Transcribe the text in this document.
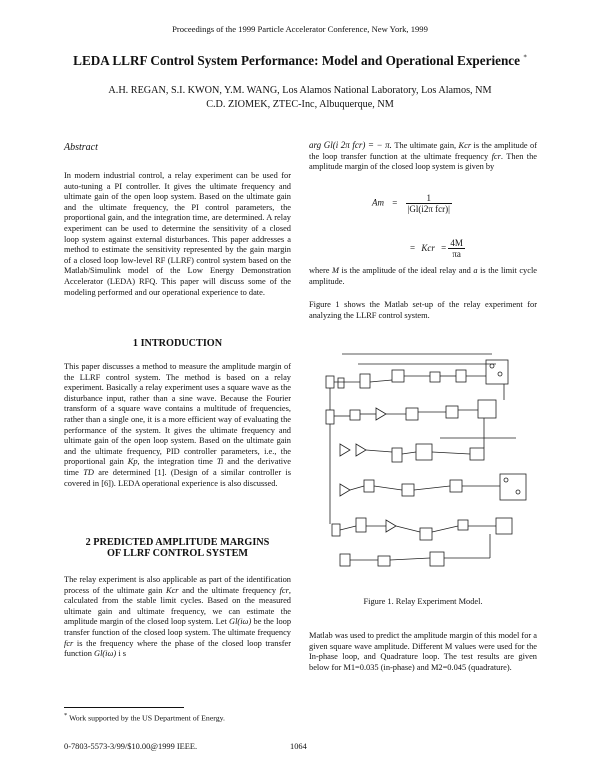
Proceedings of the 1999 Particle Accelerator Conference, New York, 1999
LEDA LLRF Control System Performance: Model and Operational Experience *
A.H. REGAN, S.I. KWON, Y.M. WANG, Los Alamos National Laboratory, Los Alamos, NM
C.D. ZIOMEK, ZTEC-Inc, Albuquerque, NM
Abstract
In modern industrial control, a relay experiment can be used for auto-tuning a PI controller. It gives the ultimate frequency and ultimate gain of the open loop system. Based on the ultimate gain and the ultimate frequency, the PI control parameters, the proportional gain, and the integration time, are determined. A relay experiment can be used to determine the sensitivity of a closed loop system against external disturbances. This paper addresses a method to estimate the sensitivity represented by the gain margin of a closed loop low-level RF (LLRF) control system based on the Matlab/Simulink model of the Low Energy Demonstration Accelerator (LEDA) RFQ. This paper will discuss some of the modeling performed and our operational experience to date.
1 INTRODUCTION
This paper discusses a method to measure the amplitude margin of the LLRF control system. The method is based on a relay experiment. Basically a relay experiment uses a square wave as the disturbance input, rather than a sine wave. Because the Fourier transform of a square wave contains a multitude of frequencies, rather than a single one, it is a more efficient way of evaluating the performance of the system. It gives the ultimate frequency and ultimate gain of the open loop system. Based on the ultimate gain and the ultimate frequency, PID controller parameters, i.e., the proportional gain Kp, the integration time Ti and the derivative time TD are determined [1]. (Design of a similar controller is covered in [6]). LEDA operational experience is also discussed.
2 PREDICTED AMPLITUDE MARGINS
OF LLRF CONTROL SYSTEM
The relay experiment is also applicable as part of the identification process of the ultimate gain Kcr and the ultimate frequency fcr, calculated from the stable limit cycles. Based on the measured ultimate gain and ultimate frequency, we can estimate the amplitude margin of the closed loop system. Let Gl(iω) be the loop transfer function of the closed loop system. The ultimate frequency fcr is the frequency where the phase of the closed loop transfer function Gl(iω) i s
* Work supported by the US Department of Energy.
arg Gl(i 2π fcr) = − π. The ultimate gain, Kcr is the amplitude of the loop transfer function at the ultimate frequency fcr. Then the amplitude margin of the closed loop system is given by
$Am = \frac{1}{\text{|Gl(i2π fcr)|}}$
= Kcr = $\frac{4M}{\pi a}$
where M is the amplitude of the ideal relay and a is the limit cycle amplitude.
Figure 1 shows the Matlab set-up of the relay experiment for analyzing the LLRF control system.
Figure 1. Relay Experiment Model.
Matlab was used to predict the amplitude margin of this model for a given square wave amplitude. Different M values were used for the In-phase loop, and Quadrature loop. The test results are given below for M1=0.035 (in-phase) and M2=0.045 (quadrature).
0-7803-5573-3/99/$10.00@1999 IEEE.	1064
